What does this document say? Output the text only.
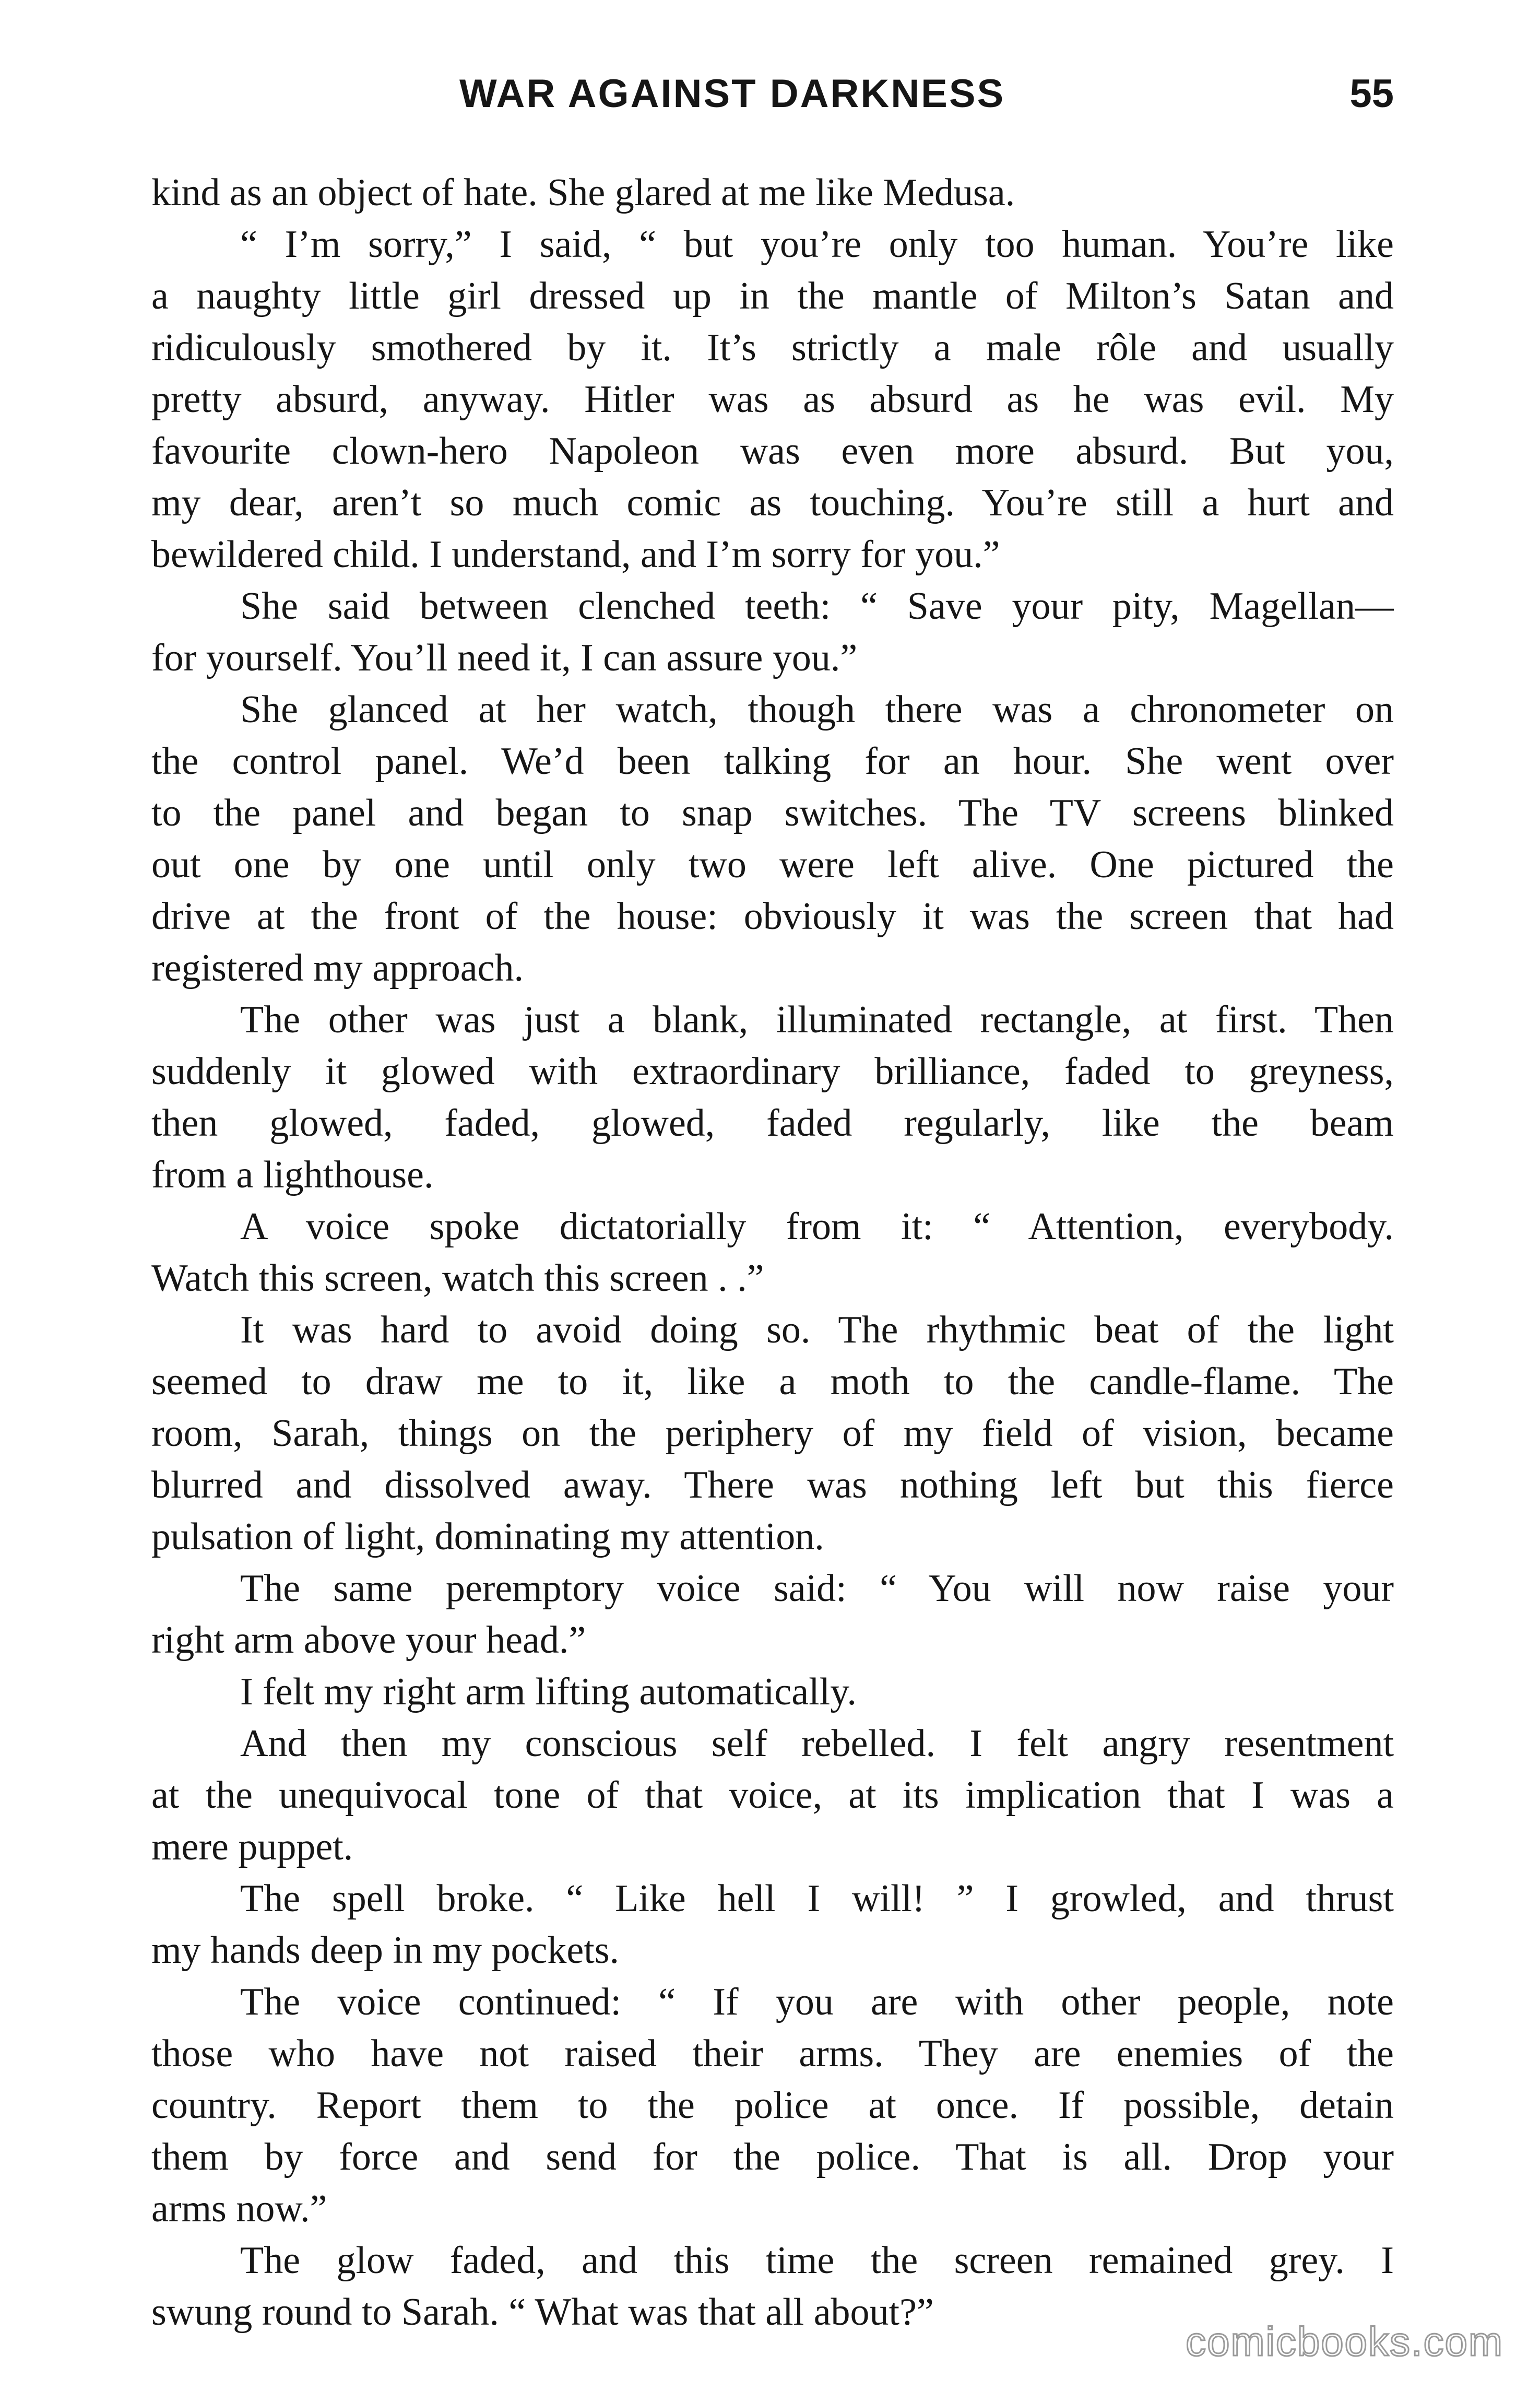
WAR AGAINST DARKNESS	55
kind as an object of hate. She glared at me like Medusa.
“ I’m sorry,” I said, “ but you’re only too human. You’re like
a naughty little girl dressed up in the mantle of Milton’s Satan and
ridiculously smothered by it. It’s strictly a male rôle and usually
pretty absurd, anyway. Hitler was as absurd as he was evil. My
favourite clown-hero Napoleon was even more absurd. But you,
my dear, aren’t so much comic as touching. You’re still a hurt and
bewildered child. I understand, and I’m sorry for you.”
She said between clenched teeth: “ Save your pity, Magellan—
for yourself. You’ll need it, I can assure you.”
She glanced at her watch, though there was a chronometer on
the control panel. We’d been talking for an hour. She went over
to the panel and began to snap switches. The TV screens blinked
out one by one until only two were left alive. One pictured the
drive at the front of the house: obviously it was the screen that had
registered my approach.
The other was just a blank, illuminated rectangle, at first. Then
suddenly it glowed with extraordinary brilliance, faded to greyness,
then glowed, faded, glowed, faded regularly, like the beam
from a lighthouse.
A voice spoke dictatorially from it: “ Attention, everybody.
Watch this screen, watch this screen . .”
It was hard to avoid doing so. The rhythmic beat of the light
seemed to draw me to it, like a moth to the candle-flame. The
room, Sarah, things on the periphery of my field of vision, became
blurred and dissolved away. There was nothing left but this fierce
pulsation of light, dominating my attention.
The same peremptory voice said: “ You will now raise your
right arm above your head.”
I felt my right arm lifting automatically.
And then my conscious self rebelled. I felt angry resentment
at the unequivocal tone of that voice, at its implication that I was a
mere puppet.
The spell broke. “ Like hell I will! ” I growled, and thrust
my hands deep in my pockets.
The voice continued: “ If you are with other people, note
those who have not raised their arms. They are enemies of the
country. Report them to the police at once. If possible, detain
them by force and send for the police. That is all. Drop your
arms now.”
The glow faded, and this time the screen remained grey. I
swung round to Sarah. “ What was that all about?”
comicbooks.com
